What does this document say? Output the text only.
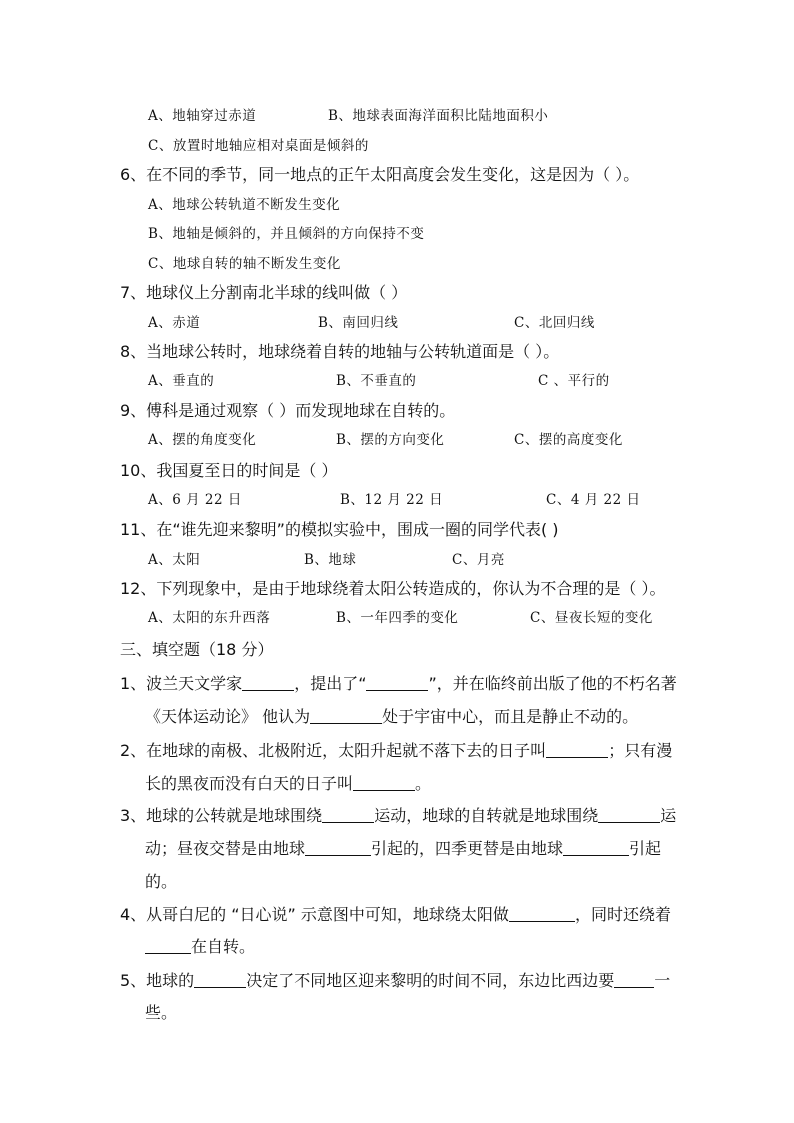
A、地轴穿过赤道	B、地球表面海洋面积比陆地面积小
C、放置时地轴应相对桌面是倾斜的
6、在不同的季节，同一地点的正午太阳高度会发生变化，这是因为（ ）。
A、地球公转轨道不断发生变化
B、地轴是倾斜的，并且倾斜的方向保持不变
C、地球自转的轴不断发生变化
7、地球仪上分割南北半球的线叫做（ ）
A、赤道	B、南回归线	C、北回归线
8、当地球公转时，地球绕着自转的地轴与公转轨道面是（ ）。
A、垂直的	B、不垂直的	C 、平行的
9、傅科是通过观察（ ）而发现地球在自转的。
A、摆的角度变化	B、摆的方向变化	C、摆的高度变化
10、我国夏至日的时间是（ ）
A、6 月 22 日	B、12 月 22 日	C、4 月 22 日
11、在“谁先迎来黎明”的模拟实验中，围成一圈的同学代表( )
A、太阳	B、地球	C、月亮
12、下列现象中，是由于地球绕着太阳公转造成的，你认为不合理的是（ ）。
A、太阳的东升西落	B、一年四季的变化	C、昼夜长短的变化
三、填空题（18 分）
1、波兰天文学家	，提出了“	”，并在临终前出版了他的不朽名著
《天体运动论》 他认为	处于宇宙中心，而且是静止不动的。
2、在地球的南极、北极附近，太阳升起就不落下去的日子叫	；只有漫
长的黑夜而没有白天的日子叫	。
3、地球的公转就是地球围绕	运动，地球的自转就是地球围绕	运
动；昼夜交替是由地球	引起的，四季更替是由地球	引起
的。
4、从哥白尼的 “日心说” 示意图中可知，地球绕太阳做	，同时还绕着
在自转。
5、地球的	决定了不同地区迎来黎明的时间不同，东边比西边要	一
些。
